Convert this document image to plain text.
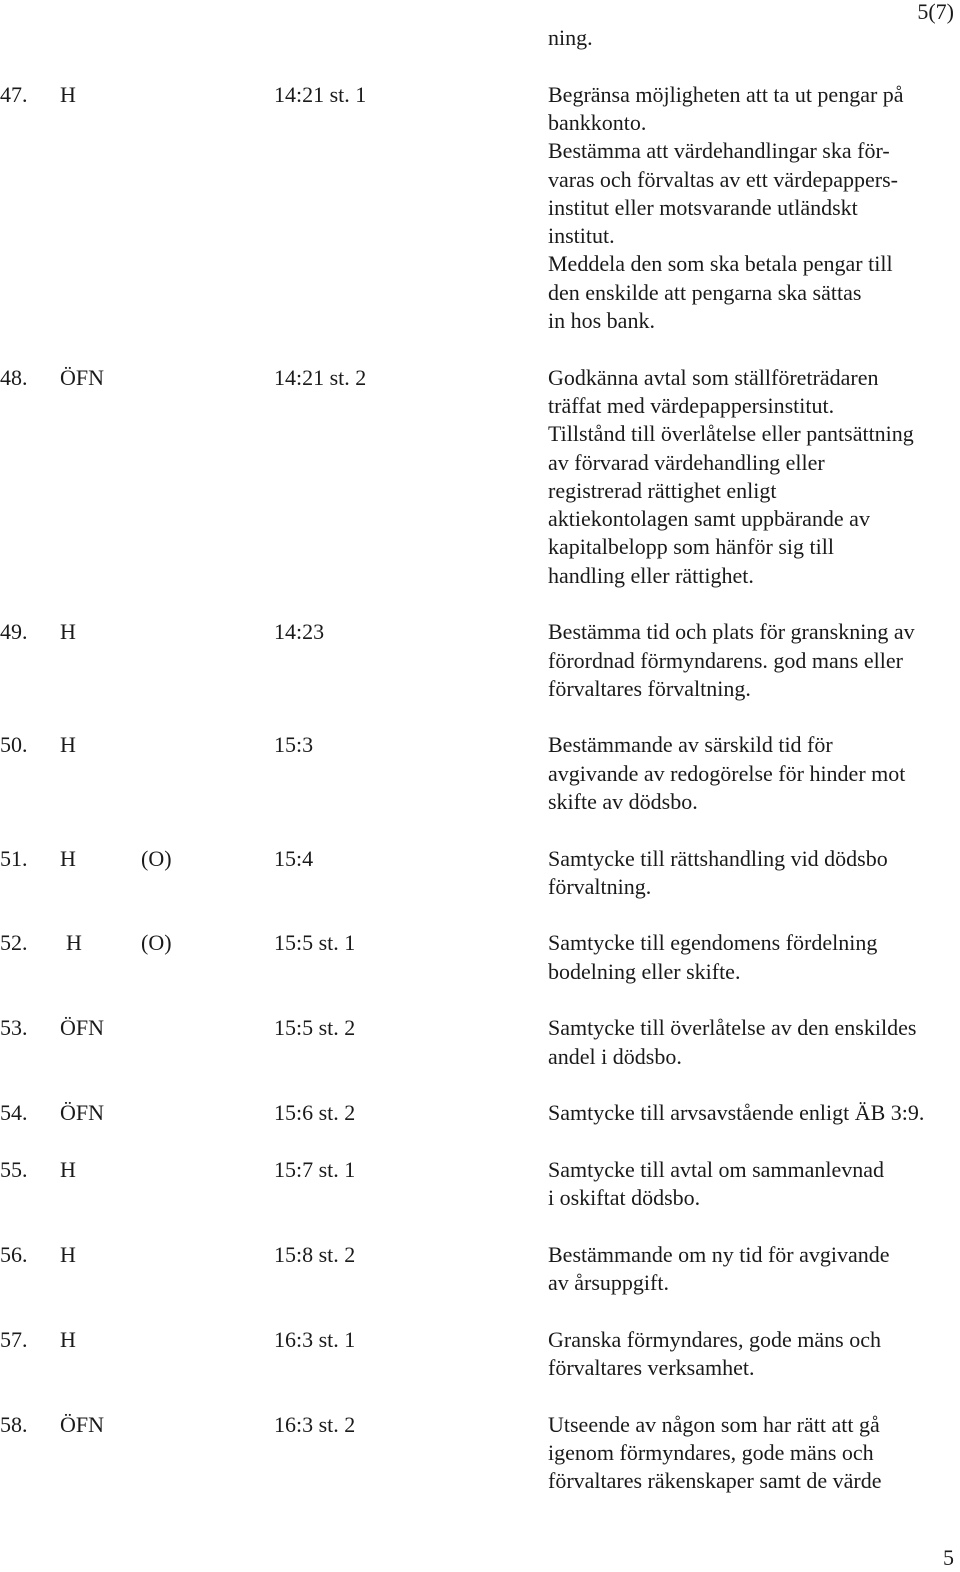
5(7)
ning.
47. H	14:21 st. 1	Begränsa möjligheten att ta ut pengar på
bankkonto.
Bestämma att värdehandlingar ska för-
varas och förvaltas av ett värdepappers-
institut eller motsvarande utländskt
institut.
Meddela den som ska betala pengar till
den enskilde att pengarna ska sättas
in hos bank.
48. ÖFN	14:21 st. 2	Godkänna avtal som ställföreträdaren
träffat med värdepappersinstitut.
Tillstånd till överlåtelse eller pantsättning
av förvarad värdehandling eller
registrerad rättighet enligt
aktiekontolagen samt uppbärande av
kapitalbelopp som hänför sig till
handling eller rättighet.
49. H	14:23	Bestämma tid och plats för granskning av
förordnad förmyndarens. god mans eller
förvaltares förvaltning.
50. H	15:3	Bestämmande av särskild tid för
avgivande av redogörelse för hinder mot
skifte av dödsbo.
51. H	(O)	15:4	Samtycke till rättshandling vid dödsbo
förvaltning.
52. H	(O)	15:5 st. 1	Samtycke till egendomens fördelning
bodelning eller skifte.
53. ÖFN	15:5 st. 2	Samtycke till överlåtelse av den enskildes
andel i dödsbo.
54. ÖFN	15:6 st. 2	Samtycke till arvsavstående enligt ÄB 3:9.
55. H	15:7 st. 1	Samtycke till avtal om sammanlevnad
i oskiftat dödsbo.
56. H	15:8 st. 2	Bestämmande om ny tid för avgivande
av årsuppgift.
57. H	16:3 st. 1	Granska förmyndares, gode mäns och
förvaltares verksamhet.
58. ÖFN	16:3 st. 2	Utseende av någon som har rätt att gå
igenom förmyndares, gode mäns och
förvaltares räkenskaper samt de värde
5
